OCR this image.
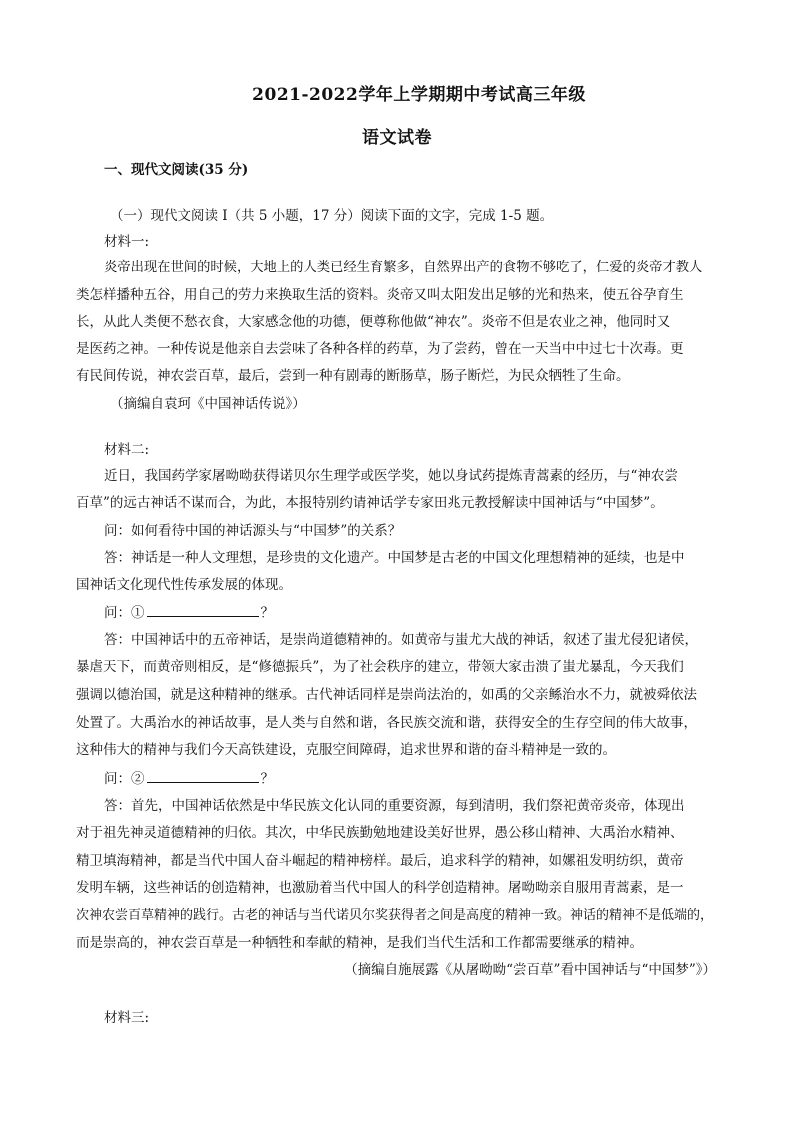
2021-2022学年上学期期中考试高三年级
语文试卷
一、现代文阅读(35 分)
（一）现代文阅读 I（共 5 小题，17 分）阅读下面的文字，完成 1-5 题。
材料一:
炎帝出现在世间的时候，大地上的人类已经生育繁多，自然界出产的食物不够吃了，仁爱的炎帝才教人
类怎样播种五谷，用自己的劳力来换取生活的资料。炎帝又叫太阳发出足够的光和热来，使五谷孕育生
长，从此人类便不愁衣食，大家感念他的功德，便尊称他做“神农”。炎帝不但是农业之神，他同时又
是医药之神。一种传说是他亲自去尝味了各种各样的药草，为了尝药，曾在一天当中中过七十次毒。更
有民间传说，神农尝百草，最后，尝到一种有剧毒的断肠草，肠子断烂，为民众牺牲了生命。
（摘编自袁珂《中国神话传说》）
材料二:
近日，我国药学家屠呦呦获得诺贝尔生理学或医学奖，她以身试药提炼青蒿素的经历，与“神农尝
百草”的远古神话不谋而合，为此，本报特别约请神话学专家田兆元教授解读中国神话与“中国梦”。
问：如何看待中国的神话源头与“中国梦”的关系？
答：神话是一种人文理想，是珍贵的文化遗产。中国梦是古老的中国文化理想精神的延续，也是中
国神话文化现代性传承发展的体现。
问：①	？
答：中国神话中的五帝神话，是崇尚道德精神的。如黄帝与蚩尤大战的神话，叙述了蚩尤侵犯诸侯，
暴虐天下，而黄帝则相反，是“修德振兵”，为了社会秩序的建立，带领大家击溃了蚩尤暴乱，今天我们
强调以德治国，就是这种精神的继承。古代神话同样是崇尚法治的，如禹的父亲鲧治水不力，就被舜依法
处置了。大禹治水的神话故事，是人类与自然和谐，各民族交流和谐，获得安全的生存空间的伟大故事，
这种伟大的精神与我们今天高铁建设，克服空间障碍，追求世界和谐的奋斗精神是一致的。
问：②	？
答：首先，中国神话依然是中华民族文化认同的重要资源，每到清明，我们祭祀黄帝炎帝，体现出
对于祖先神灵道德精神的归依。其次，中华民族勤勉地建设美好世界，愚公移山精神、大禹治水精神、
精卫填海精神，都是当代中国人奋斗崛起的精神榜样。最后，追求科学的精神，如嫘祖发明纺织，黄帝
发明车辆，这些神话的创造精神，也激励着当代中国人的科学创造精神。屠呦呦亲自服用青蒿素，是一
次神农尝百草精神的践行。古老的神话与当代诺贝尔奖获得者之间是高度的精神一致。神话的精神不是低端的，
而是崇高的，神农尝百草是一种牺牲和奉献的精神，是我们当代生活和工作都需要继承的精神。
（摘编自施展露《从屠呦呦“尝百草”看中国神话与“中国梦”》）
材料三:
